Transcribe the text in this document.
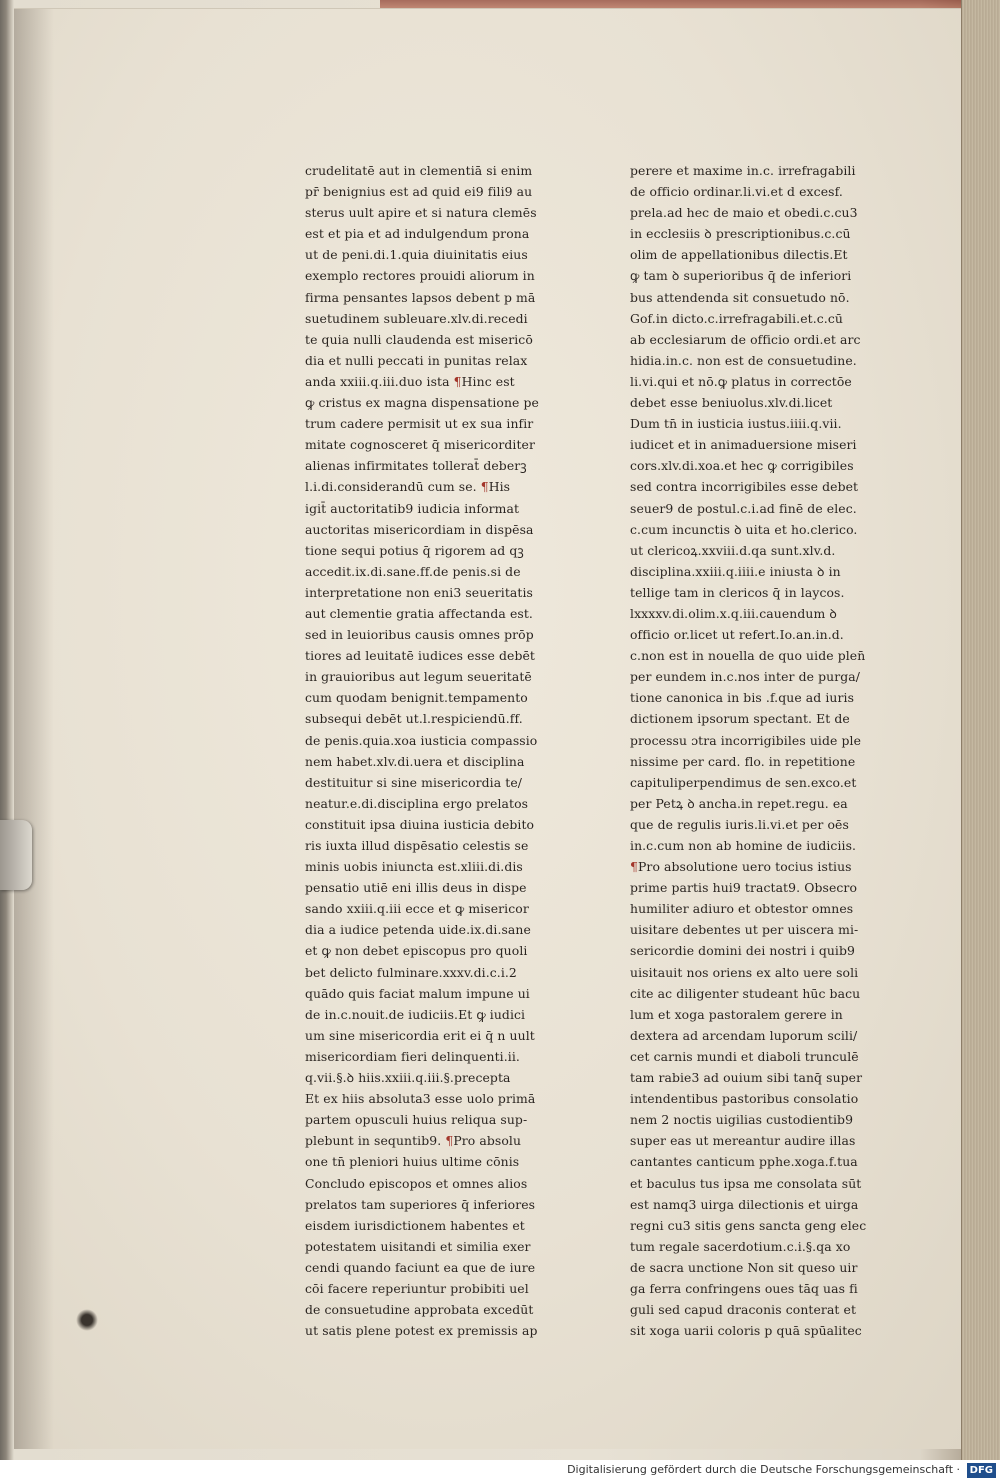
crudelitatē aut in clementiā si enim
pr̄ benignius est ad quid ei9 fili9 au
sterus uult apire et si natura clemēs
est et pia et ad indulgendum prona
ut de peni.di.1.quia diuinitatis eius
exemplo rectores prouidi aliorum in
firma pensantes lapsos debent p mā
suetudinem subleuare.xlv.di.recedi
te quia nulli claudenda est misericō
dia et nulli peccati in punitas relax
anda xxiii.q.iii.duo ista ¶Hinc est
ꝙ cristus ex magna dispensatione pe
trum cadere permisit ut ex sua infir
mitate cognosceret q̄ misericorditer
alienas infirmitates tollerat̄ deberꝫ
l.i.di.considerandū cum se. ¶His
igit̄ auctoritatib9 iudicia informat
auctoritas misericordiam in dispēsa
tione sequi potius q̄ rigorem ad qꝫ
accedit.ix.di.sane.ff.de penis.si de
interpretatione non eni3 seueritatis
aut clementie gratia affectanda est.
sed in leuioribus causis omnes prōp
tiores ad leuitatē iudices esse debēt
in grauioribus aut legum seueritatē
cum quodam benignit.tempamento
subsequi debēt ut.l.respiciendū.ff.
de penis.quia.xoa iusticia compassio
nem habet.xlv.di.uera et disciplina
destituitur si sine misericordia te/
neatur.e.di.disciplina ergo prelatos
constituit ipsa diuina iusticia debito
ris iuxta illud dispēsatio celestis se
minis uobis iniuncta est.xliii.di.dis
pensatio utiē eni illis deus in dispe
sando xxiii.q.iii ecce et ꝙ misericor
dia a iudice petenda uide.ix.di.sane
et ꝙ non debet episcopus pro quoli
bet delicto fulminare.xxxv.di.c.i.2
quādo quis faciat malum impune ui
de in.c.nouit.de iudiciis.Et ꝙ iudici
um sine misericordia erit ei q̄ n uult
misericordiam fieri delinquenti.ii.
q.vii.§.ꝺ hiis.xxiii.q.iii.§.precepta
Et ex hiis absoluta3 esse uolo primā
partem opusculi huius reliqua sup-
plebunt in sequntib9. ¶Pro absolu
one tn̄ pleniori huius ultime cōnis
Concludo episcopos et omnes alios
prelatos tam superiores q̄ inferiores
eisdem iurisdictionem habentes et
potestatem uisitandi et similia exer
cendi quando faciunt ea que de iure
cōi facere reperiuntur probibiti uel
de consuetudine approbata excedūt
ut satis plene potest ex premissis ap
perere et maxime in.c. irrefragabili
de officio ordinar.li.vi.et d excesf.
prela.ad hec de maio et obedi.c.cu3
in ecclesiis ꝺ prescriptionibus.c.cū
olim de appellationibus dilectis.Et
ꝙ tam ꝺ superioribus q̄ de inferiori
bus attendenda sit consuetudo nō.
Gof.in dicto.c.irrefragabili.et.c.cū
ab ecclesiarum de officio ordi.et arc
hidia.in.c. non est de consuetudine.
li.vi.qui et nō.ꝙ platus in correctōe
debet esse beniuolus.xlv.di.licet
Dum tn̄ in iusticia iustus.iiii.q.vii.
iudicet et in animaduersione miseri
cors.xlv.di.xoa.et hec ꝙ corrigibiles
sed contra incorrigibiles esse debet
seuer9 de postul.c.i.ad finē de elec.
c.cum incunctis ꝺ uita et ho.clerico.
ut clericoꝝ.xxviii.d.qa sunt.xlv.d.
disciplina.xxiii.q.iiii.e iniusta ꝺ in
tellige tam in clericos q̄ in laycos.
lxxxxv.di.olim.x.q.iii.cauendum ꝺ
officio or.licet ut refert.Io.an.in.d.
c.non est in nouella de quo uide plen̄
per eundem in.c.nos inter de purga/
tione canonica in bis .f.que ad iuris
dictionem ipsorum spectant. Et de
processu ɔtra incorrigibiles uide ple
nissime per card. flo. in repetitione
capituliperpendimus de sen.exco.et
per Petꝝ ꝺ ancha.in repet.regu. ea
que de regulis iuris.li.vi.et per oēs
in.c.cum non ab homine de iudiciis.
¶Pro absolutione uero tocius istius
prime partis hui9 tractat9. Obsecro
humiliter adiuro et obtestor omnes
uisitare debentes ut per uiscera mi-
sericordie domini dei nostri i quib9
uisitauit nos oriens ex alto uere soli
cite ac diligenter studeant hūc bacu
lum et xoga pastoralem gerere in
dextera ad arcendam luporum scili/
cet carnis mundi et diaboli trunculē
tam rabie3 ad ouium sibi tanq̄ super
intendentibus pastoribus consolatio
nem 2 noctis uigilias custodientib9
super eas ut mereantur audire illas
cantantes canticum pphe.xoga.f.tua
et baculus tus ipsa me consolata sūt
est namq3 uirga dilectionis et uirga
regni cu3 sitis gens sancta geng elec
tum regale sacerdotium.c.i.§.qa xo
de sacra unctione Non sit queso uir
ga ferra confringens oues tāq uas fi
guli sed capud draconis conterat et
sit xoga uarii coloris p quā spūalitec
Digitalisierung gefördert durch die Deutsche Forschungsgemeinschaft · DFG
